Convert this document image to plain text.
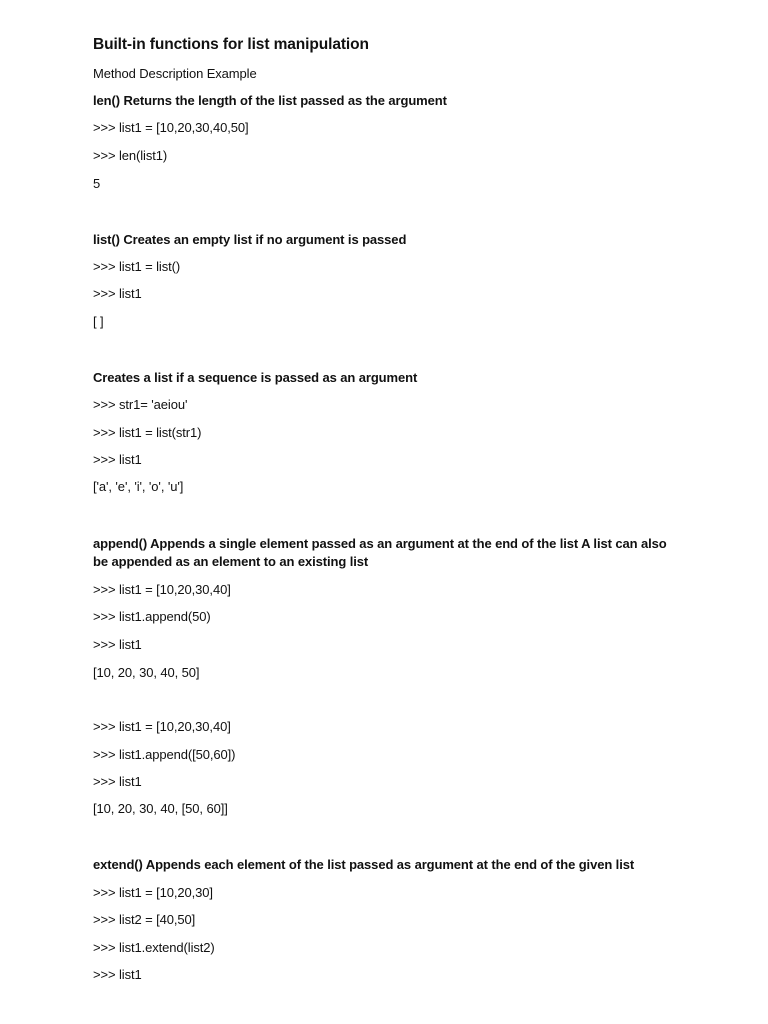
Built-in functions for list manipulation
Method Description Example
len() Returns the length of the list passed as the argument
>>> list1 = [10,20,30,40,50]
>>> len(list1)
5
list() Creates an empty list if no argument is passed
>>> list1 = list()
>>> list1
[ ]
Creates a list if a sequence is passed as an argument
>>> str1= 'aeiou'
>>> list1 = list(str1)
>>> list1
['a', 'e', 'i', 'o', 'u']
append() Appends a single element passed as an argument at the end of the list A list can also be appended as an element to an existing list
>>> list1 = [10,20,30,40]
>>> list1.append(50)
>>> list1
[10, 20, 30, 40, 50]
>>> list1 = [10,20,30,40]
>>> list1.append([50,60])
>>> list1
[10, 20, 30, 40, [50, 60]]
extend() Appends each element of the list passed as argument at the end of the given list
>>> list1 = [10,20,30]
>>> list2 = [40,50]
>>> list1.extend(list2)
>>> list1
